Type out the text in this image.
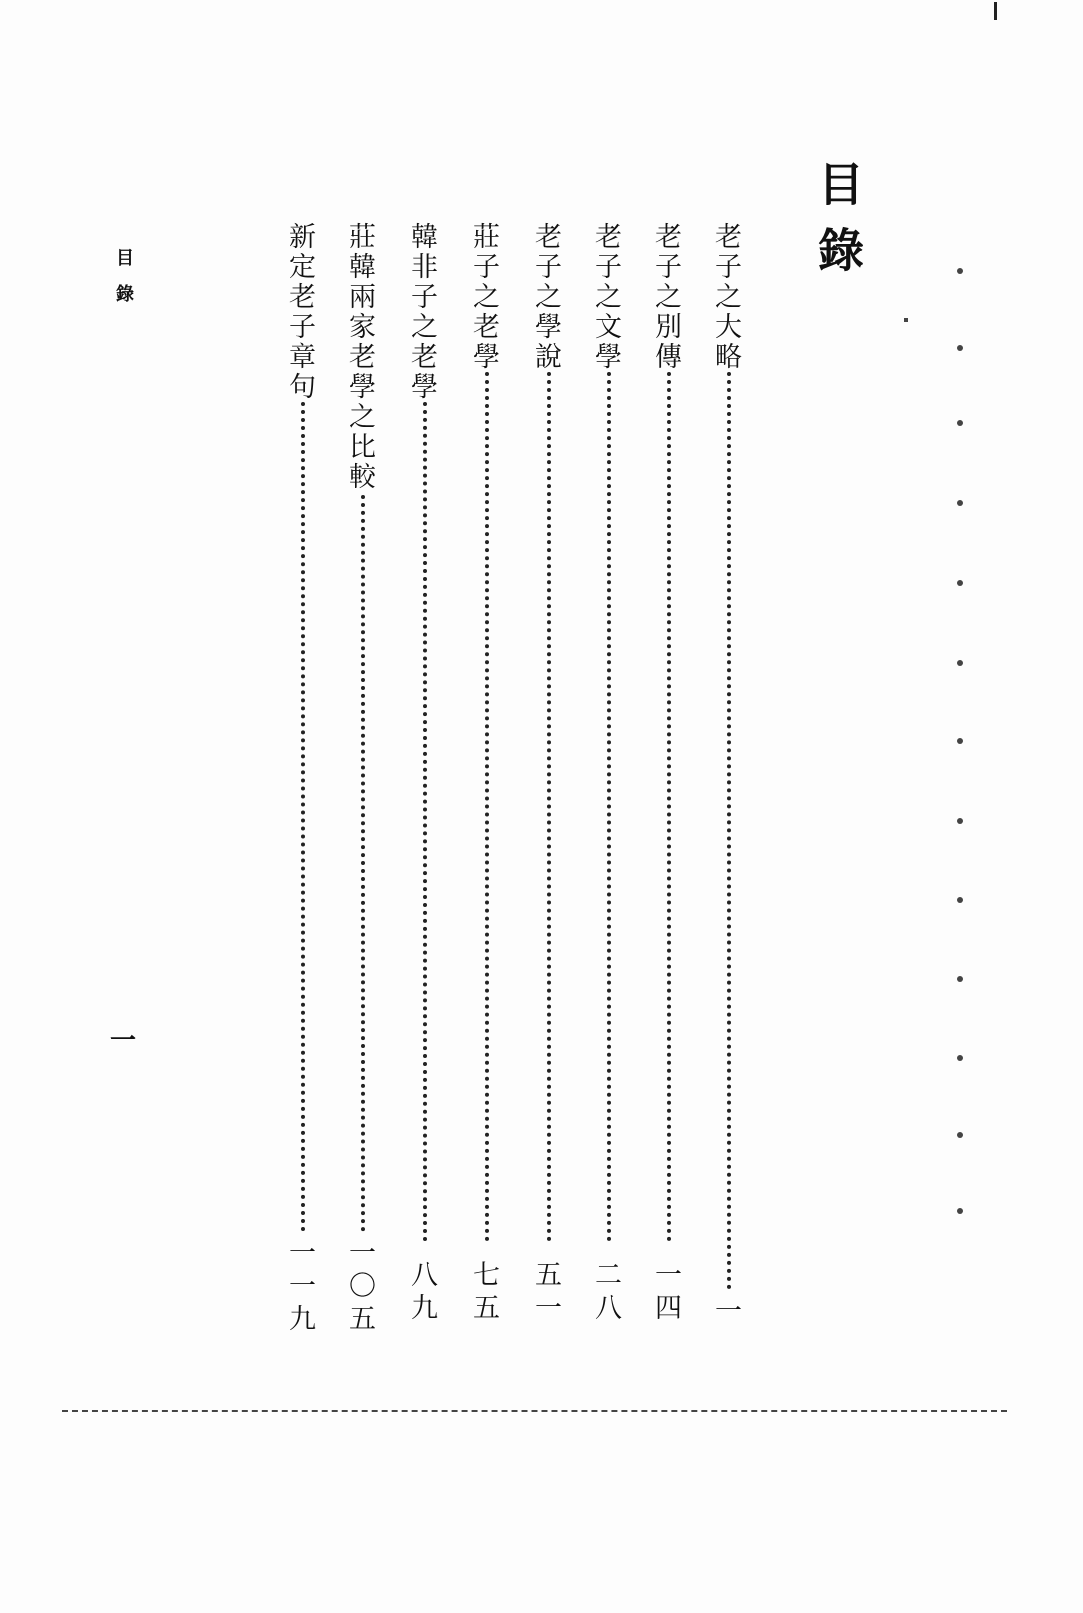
目錄
老子之大略
一
老子之別傳
一四
老子之文學
二八
老子之學說
五一
莊子之老學
七五
韓非子之老學
八九
莊韓兩家老學之比較
一〇五
新定老子章句
一一九
目錄
一
